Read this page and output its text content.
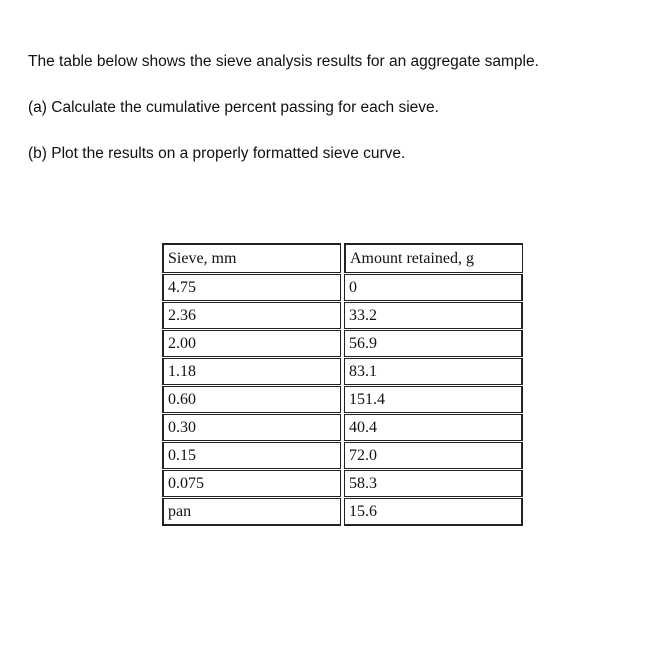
The table below shows the sieve analysis results for an aggregate sample.

(a) Calculate the cumulative percent passing for each sieve.

(b) Plot the results on a properly formatted sieve curve.

Sieve, mm	Amount retained, g
4.75	0
2.36	33.2
2.00	56.9
1.18	83.1
0.60	151.4
0.30	40.4
0.15	72.0
0.075	58.3
pan	15.6
